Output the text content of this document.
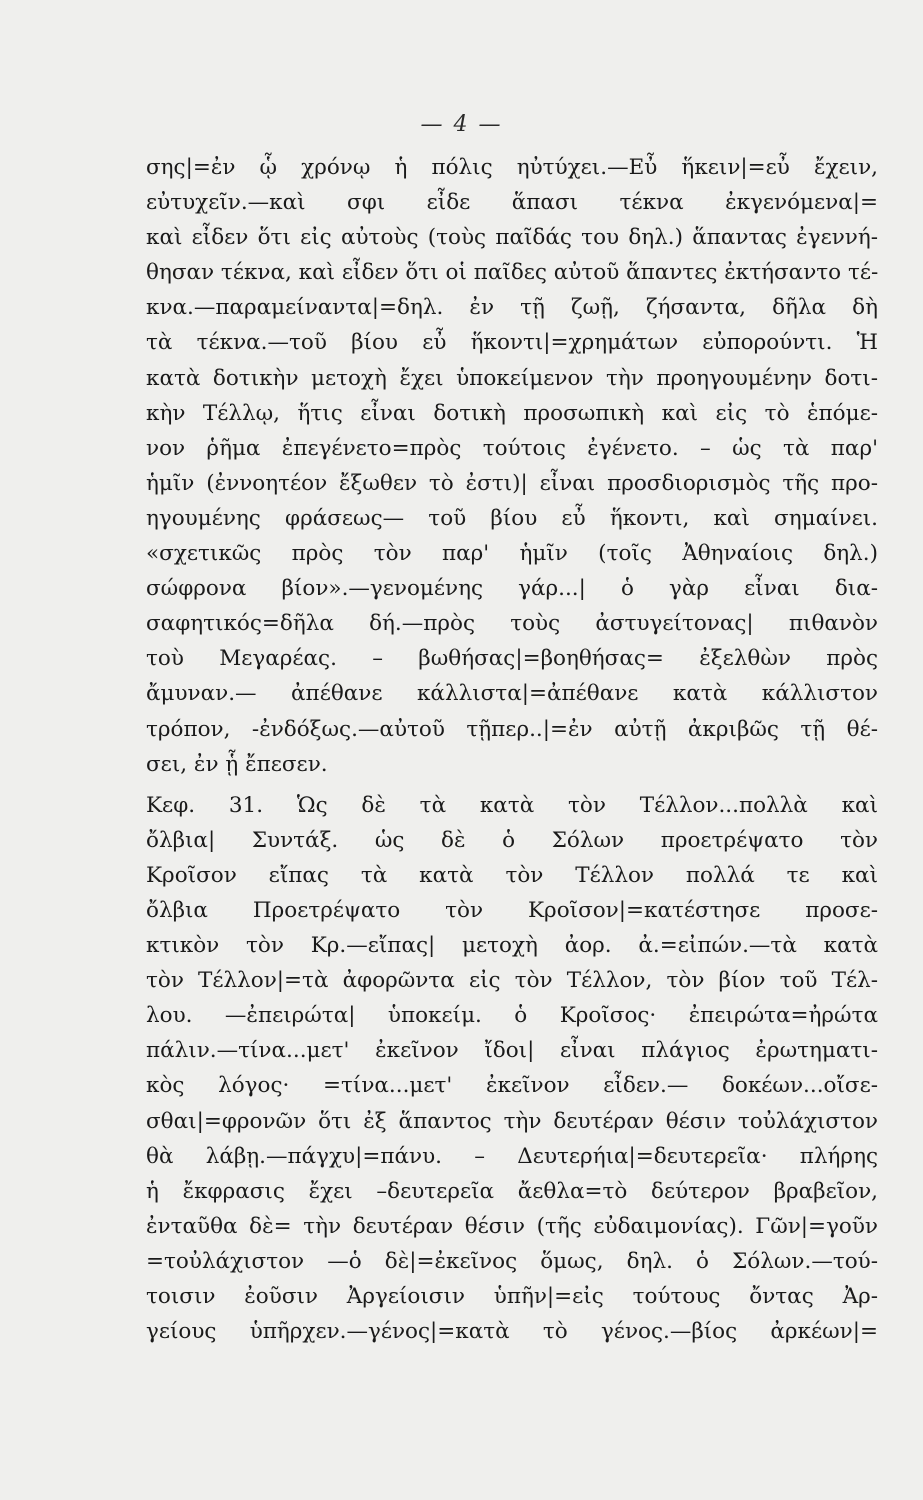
— 4 —
σης|=ἐν ᾧ χρόνῳ ἡ πόλις ηὐτύχει.—Εὖ ἥκειν|=εὖ ἔχειν,
εὐτυχεῖν.—καὶ σφι εἶδε ἅπασι τέκνα ἐκγενόμενα|=
καὶ εἶδεν ὅτι εἰς αὐτοὺς (τοὺς παῖδάς του δηλ.) ἅπαντας ἐγεννή-
θησαν τέκνα, καὶ εἶδεν ὅτι οἱ παῖδες αὐτοῦ ἅπαντες ἐκτήσαντο τέ-
κνα.—παραμείναντα|=δηλ. ἐν τῇ ζωῇ, ζήσαντα, δῆλα δὴ
τὰ τέκνα.—τοῦ βίου εὖ ἥκοντι|=χρημάτων εὐπορούντι. Ἡ
κατὰ δοτικὴν μετοχὴ ἔχει ὑποκείμενον τὴν προηγουμένην δοτι-
κὴν Τέλλῳ, ἥτις εἶναι δοτικὴ προσωπικὴ καὶ εἰς τὸ ἑπόμε-
νον ῥῆμα ἐπεγένετο=πρὸς τούτοις ἐγένετο. – ὡς τὰ παρ'
ἡμῖν (ἐννοητέον ἔξωθεν τὸ ἐστι)| εἶναι προσδιορισμὸς τῆς προ-
ηγουμένης φράσεως— τοῦ βίου εὖ ἥκοντι, καὶ σημαίνει.
«σχετικῶς πρὸς τὸν παρ' ἡμῖν (τοῖς Ἀθηναίοις δηλ.)
σώφρονα βίον».—γενομένης γάρ...| ὁ γὰρ εἶναι δια-
σαφητικός=δῆλα δή.—πρὸς τοὺς ἀστυγείτονας| πιθανὸν
τοὺ Μεγαρέας. – βωθήσας|=βοηθήσας= ἐξελθὼν πρὸς
ἄμυναν.— ἀπέθανε κάλλιστα|=ἀπέθανε κατὰ κάλλιστον
τρόπον, -ἐνδόξως.—αὐτοῦ τῇπερ..|=ἐν αὐτῇ ἀκριβῶς τῇ θέ-
σει, ἐν ᾗ ἔπεσεν.
Κεφ. 31. Ὡς δὲ τὰ κατὰ τὸν Τέλλον...πολλὰ καὶ
ὄλβια| Συντάξ. ὡς δὲ ὁ Σόλων προετρέψατο τὸν
Κροῖσον εἴπας τὰ κατὰ τὸν Τέλλον πολλά τε καὶ
ὄλβια Προετρέψατο τὸν Κροῖσον|=κατέστησε προσε-
κτικὸν τὸν Κρ.—εἴπας| μετοχὴ ἀορ. ἀ.=εἰπών.—τὰ κατὰ
τὸν Τέλλον|=τὰ ἀφορῶντα εἰς τὸν Τέλλον, τὸν βίον τοῦ Τέλ-
λου. —ἐπειρώτα| ὑποκείμ. ὁ Κροῖσος· ἐπειρώτα=ἠρώτα
πάλιν.—τίνα...μετ' ἐκεῖνον ἴδοι| εἶναι πλάγιος ἐρωτηματι-
κὸς λόγος· =τίνα...μετ' ἐκεῖνον εἶδεν.— δοκέων...οἴσε-
σθαι|=φρονῶν ὅτι ἐξ ἅπαντος τὴν δευτέραν θέσιν τοὐλάχιστον
θὰ λάβῃ.—πάγχυ|=πάνυ. – Δευτερήια|=δευτερεῖα· πλήρης
ἡ ἔκφρασις ἔχει –δευτερεῖα ἄεθλα=τὸ δεύτερον βραβεῖον,
ἐνταῦθα δὲ= τὴν δευτέραν θέσιν (τῆς εὐδαιμονίας). Γῶν|=γοῦν
=τοὐλάχιστον —ὁ δὲ|=ἐκεῖνος ὅμως, δηλ. ὁ Σόλων.—τού-
τοισιν ἐοῦσιν Ἀργείοισιν ὑπῆν|=εἰς τούτους ὄντας Ἀρ-
γείους ὑπῆρχεν.—γένος|=κατὰ τὸ γένος.—βίος ἀρκέων|=
